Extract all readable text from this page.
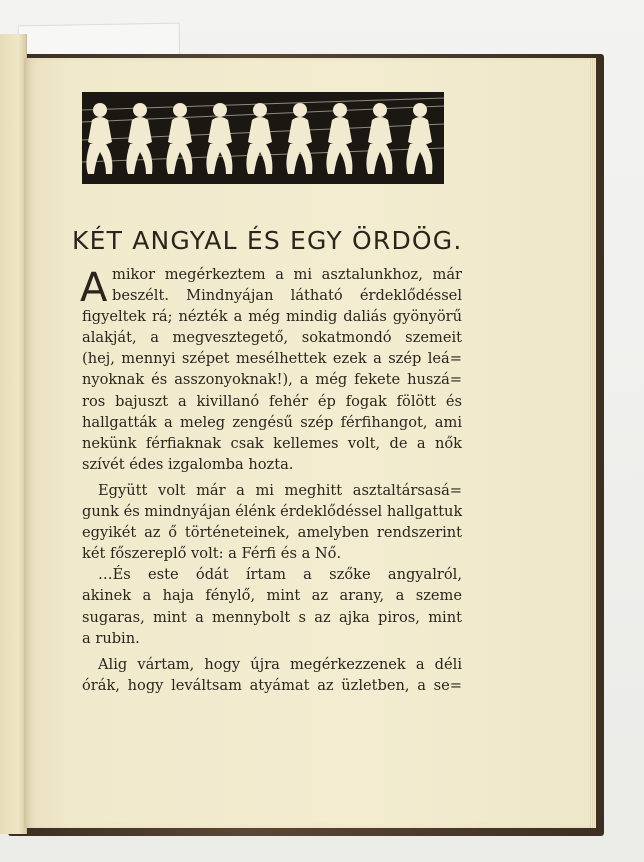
KÉT ANGYAL ÉS EGY ÖRDÖG.
A mikor megérkeztem a mi asztalunkhoz, már
beszélt. Mindnyájan látható érdeklődéssel
figyeltek rá; nézték a még mindig daliás gyönyörű
alakját, a megvesztegető, sokatmondó szemeit
(hej, mennyi szépet mesélhettek ezek a szép leá=
nyoknak és asszonyoknak!), a még fekete huszá=
ros bajuszt a kivillanó fehér ép fogak fölött és
hallgatták a meleg zengésű szép férfihangot, ami
nekünk férfiaknak csak kellemes volt, de a nők
szívét édes izgalomba hozta.
Együtt volt már a mi meghitt asztaltársasá=
gunk és mindnyájan élénk érdeklődéssel hallgattuk
egyikét az ő történeteinek, amelyben rendszerint
két főszereplő volt: a Férfi és a Nő.
…És este ódát írtam a szőke angyalról,
akinek a haja fénylő, mint az arany, a szeme
sugaras, mint a mennybolt s az ajka piros, mint
a rubin.
Alig vártam, hogy újra megérkezzenek a déli
órák, hogy leváltsam atyámat az üzletben, a se=
